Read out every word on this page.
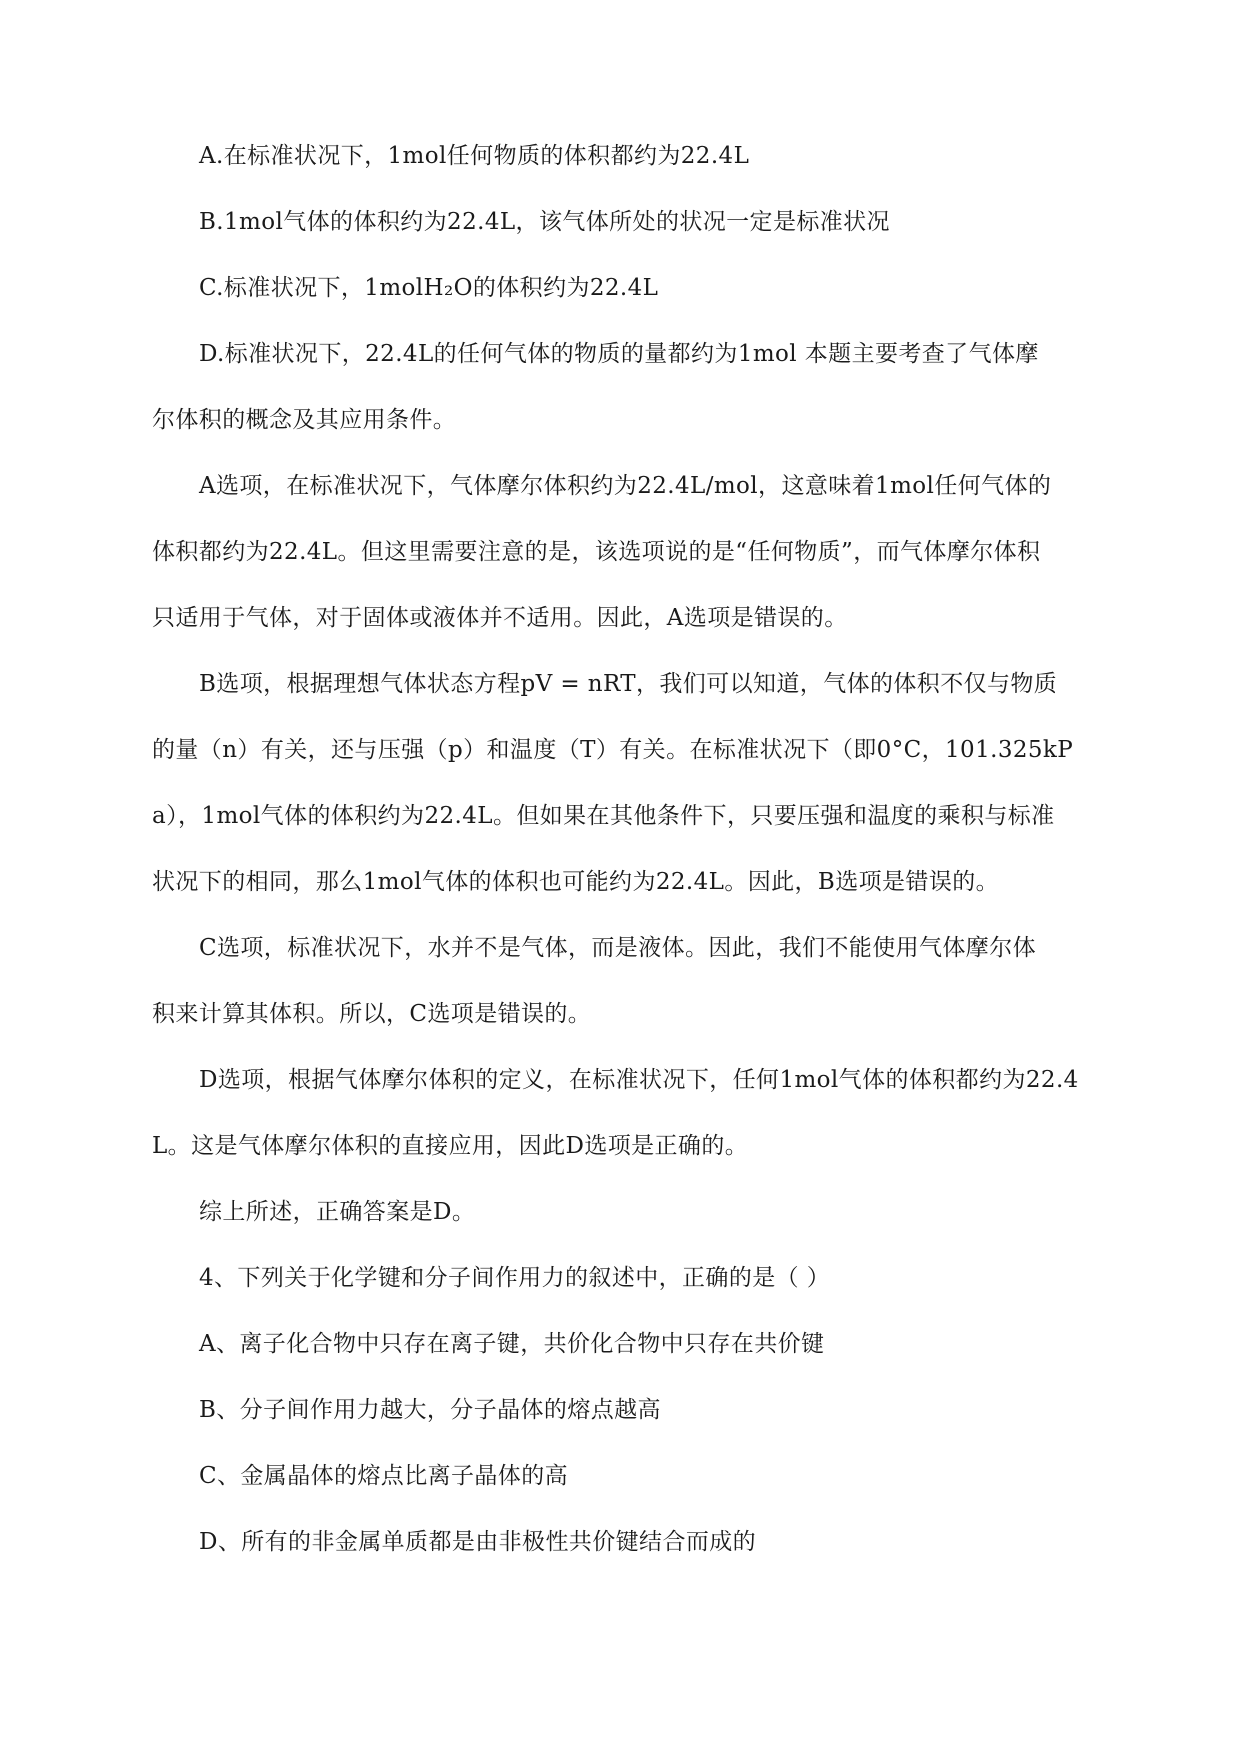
A.在标准状况下，1mol任何物质的体积都约为22.4L
B.1mol气体的体积约为22.4L，该气体所处的状况一定是标准状况
C.标准状况下，1molH₂O的体积约为22.4L
D.标准状况下，22.4L的任何气体的物质的量都约为1mol 本题主要考查了气体摩
尔体积的概念及其应用条件。
A选项，在标准状况下，气体摩尔体积约为22.4L/mol，这意味着1mol任何气体的
体积都约为22.4L。但这里需要注意的是，该选项说的是“任何物质”，而气体摩尔体积
只适用于气体，对于固体或液体并不适用。因此，A选项是错误的。
B选项，根据理想气体状态方程pV = nRT，我们可以知道，气体的体积不仅与物质
的量（n）有关，还与压强（p）和温度（T）有关。在标准状况下（即0°C，101.325kP
a），1mol气体的体积约为22.4L。但如果在其他条件下，只要压强和温度的乘积与标准
状况下的相同，那么1mol气体的体积也可能约为22.4L。因此，B选项是错误的。
C选项，标准状况下，水并不是气体，而是液体。因此，我们不能使用气体摩尔体
积来计算其体积。所以，C选项是错误的。
D选项，根据气体摩尔体积的定义，在标准状况下，任何1mol气体的体积都约为22.4
L。这是气体摩尔体积的直接应用，因此D选项是正确的。
综上所述，正确答案是D。
4、下列关于化学键和分子间作用力的叙述中，正确的是（ ）
A、离子化合物中只存在离子键，共价化合物中只存在共价键
B、分子间作用力越大，分子晶体的熔点越高
C、金属晶体的熔点比离子晶体的高
D、所有的非金属单质都是由非极性共价键结合而成的
